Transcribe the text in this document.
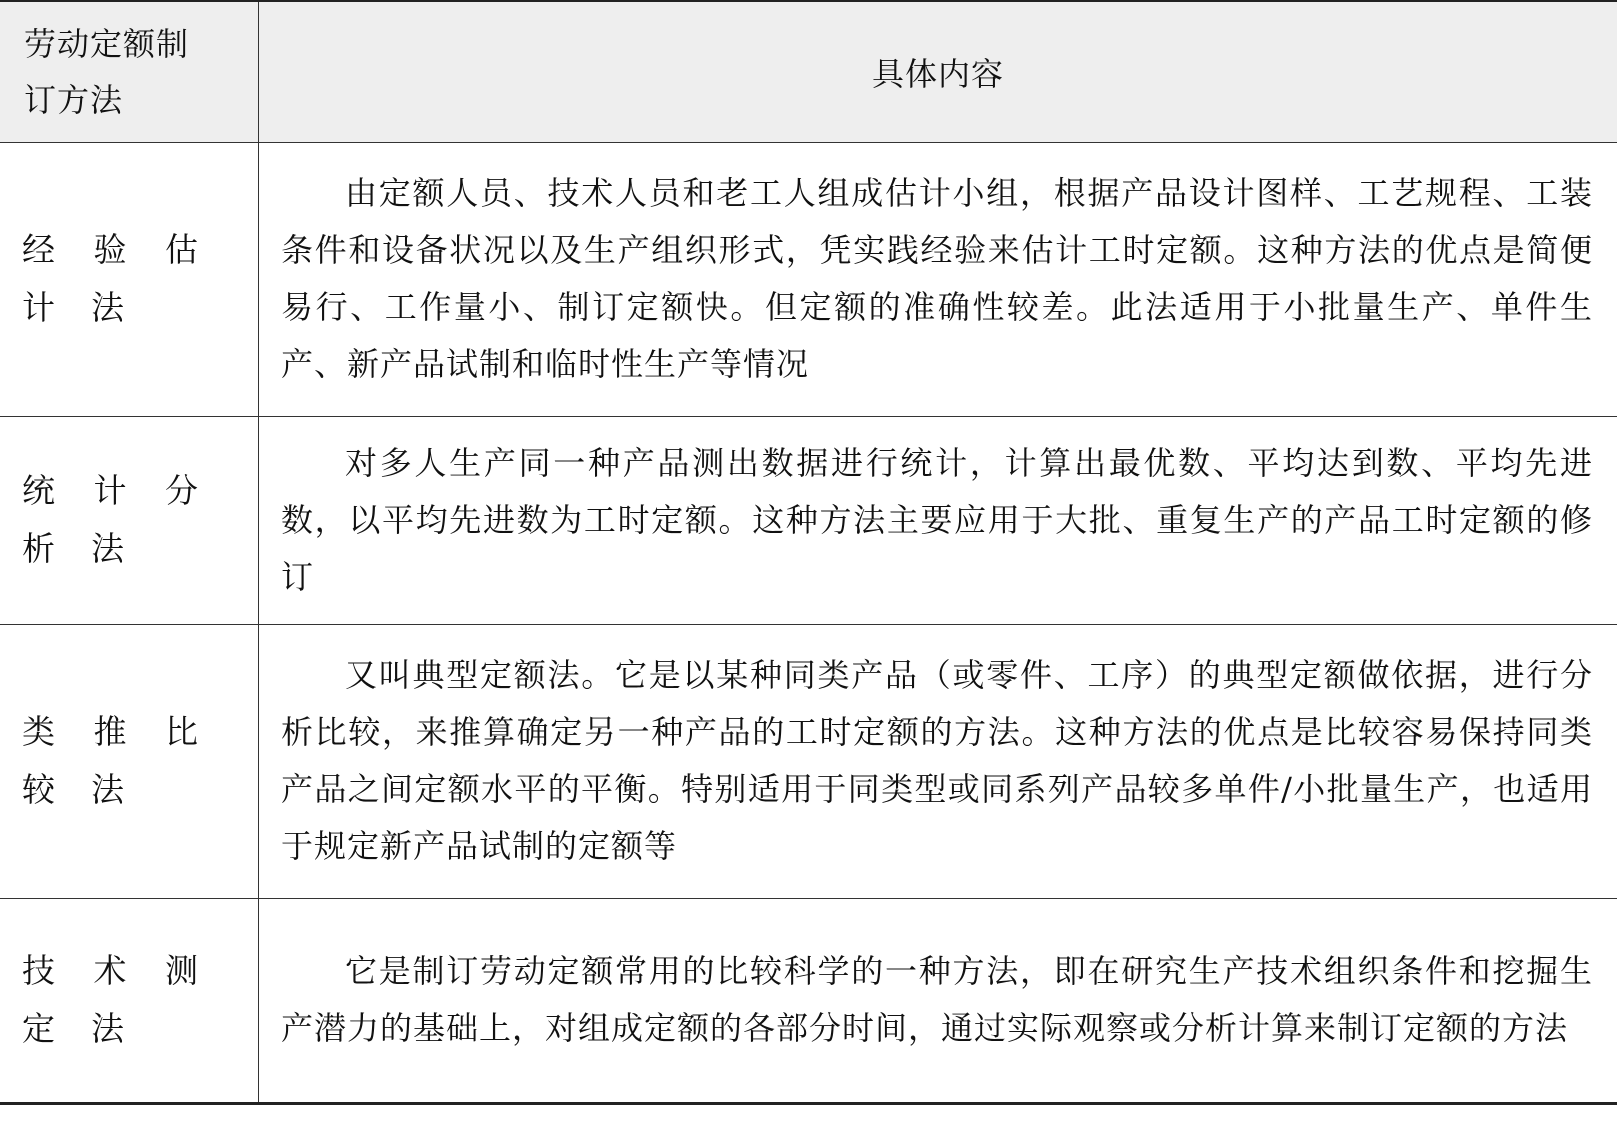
劳动定额制订方法	具体内容

经验估计法	由定额人员、技术人员和老工人组成估计小组，根据产品设计图样、工艺规程、工装条件和设备状况以及生产组织形式，凭实践经验来估计工时定额。这种方法的优点是简便易行、工作量小、制订定额快。但定额的准确性较差。此法适用于小批量生产、单件生产、新产品试制和临时性生产等情况

统计分析法	对多人生产同一种产品测出数据进行统计，计算出最优数、平均达到数、平均先进数，以平均先进数为工时定额。这种方法主要应用于大批、重复生产的产品工时定额的修订

类推比较法	又叫典型定额法。它是以某种同类产品（或零件、工序）的典型定额做依据，进行分析比较，来推算确定另一种产品的工时定额的方法。这种方法的优点是比较容易保持同类产品之间定额水平的平衡。特别适用于同类型或同系列产品较多单件/小批量生产，也适用于规定新产品试制的定额等

技术测定法	它是制订劳动定额常用的比较科学的一种方法，即在研究生产技术组织条件和挖掘生产潜力的基础上，对组成定额的各部分时间，通过实际观察或分析计算来制订定额的方法
